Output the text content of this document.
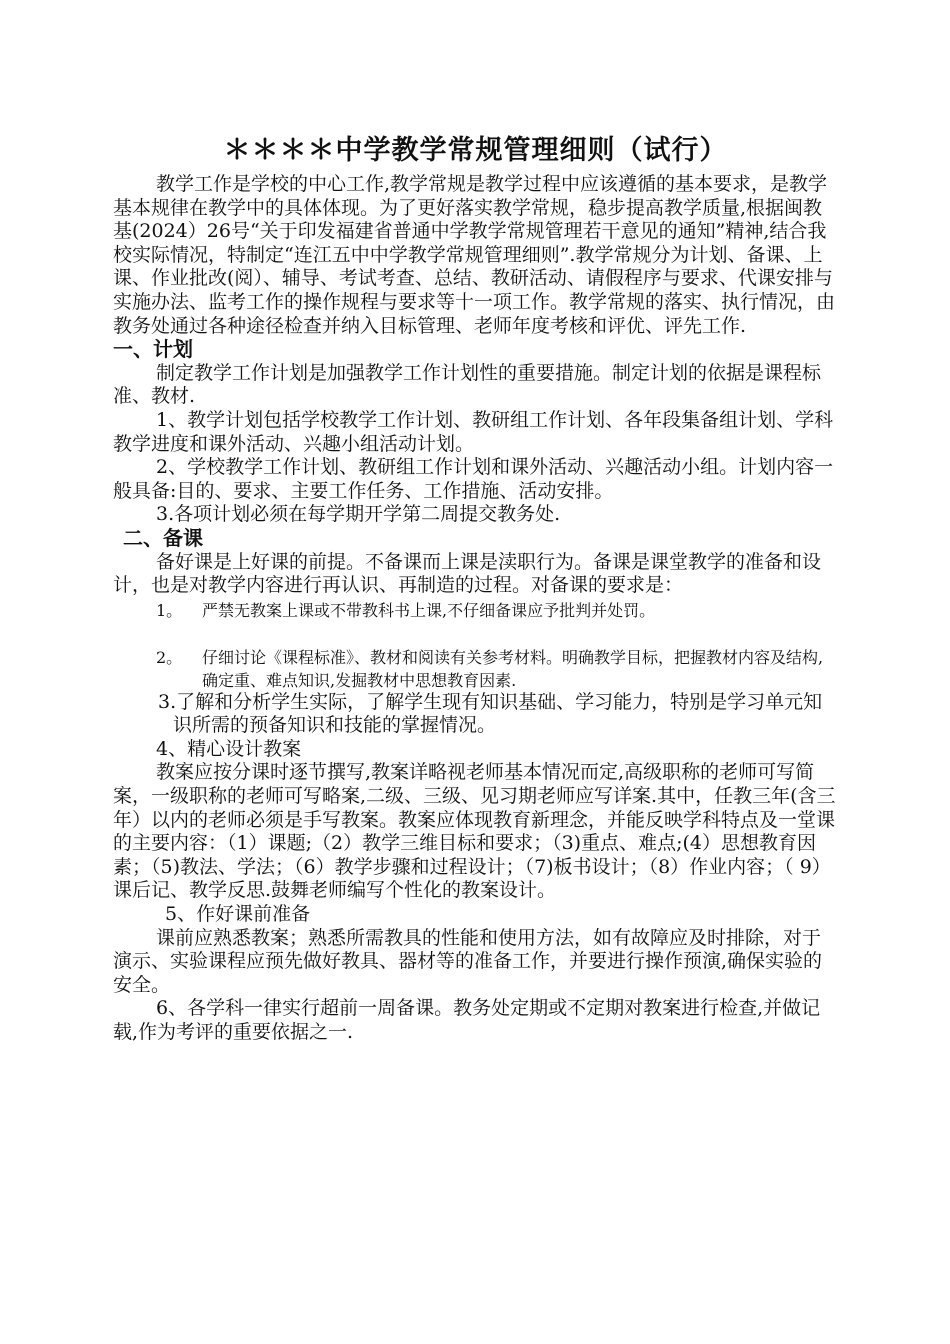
＊＊＊＊中学教学常规管理细则（试行）

教学工作是学校的中心工作,教学常规是教学过程中应该遵循的基本要求，是教学基本规律在教学中的具体体现。为了更好落实教学常规，稳步提高教学质量,根据闽教基(2024）26号“关于印发福建省普通中学教学常规管理若干意见的通知”精神,结合我校实际情况，特制定“连江五中中学教学常规管理细则”.教学常规分为计划、备课、上课、作业批改(阅）、辅导、考试考查、总结、教研活动、请假程序与要求、代课安排与实施办法、监考工作的操作规程与要求等十一项工作。教学常规的落实、执行情况，由教务处通过各种途径检查并纳入目标管理、老师年度考核和评优、评先工作.

一、计划

制定教学工作计划是加强教学工作计划性的重要措施。制定计划的依据是课程标准、教材.

1、教学计划包括学校教学工作计划、教研组工作计划、各年段集备组计划、学科教学进度和课外活动、兴趣小组活动计划。

2、学校教学工作计划、教研组工作计划和课外活动、兴趣活动小组。计划内容一般具备:目的、要求、主要工作任务、工作措施、活动安排。

3.各项计划必须在每学期开学第二周提交教务处.

二、备课

备好课是上好课的前提。不备课而上课是渎职行为。备课是课堂教学的准备和设计，也是对教学内容进行再认识、再制造的过程。对备课的要求是：

1。	严禁无教案上课或不带教科书上课,不仔细备课应予批判并处罚。
2。	仔细讨论《课程标准》、教材和阅读有关参考材料。明确教学目标，把握教材内容及结构,确定重、难点知识,发掘教材中思想教育因素.

3.了解和分析学生实际，了解学生现有知识基础、学习能力，特别是学习单元知识所需的预备知识和技能的掌握情况。

4、精心设计教案

教案应按分课时逐节撰写,教案详略视老师基本情况而定,高级职称的老师可写简案，一级职称的老师可写略案,二级、三级、见习期老师应写详案.其中，任教三年(含三年）以内的老师必须是手写教案。教案应体现教育新理念，并能反映学科特点及一堂课的主要内容：（1）课题;（2）教学三维目标和要求；（3)重点、难点;(4）思想教育因素；（5)教法、学法；（6）教学步骤和过程设计；（7)板书设计；（8）作业内容；（ 9）课后记、教学反思.鼓舞老师编写个性化的教案设计。

5、作好课前准备

课前应熟悉教案；熟悉所需教具的性能和使用方法，如有故障应及时排除，对于演示、实验课程应预先做好教具、器材等的准备工作，并要进行操作预演,确保实验的安全。

6、各学科一律实行超前一周备课。教务处定期或不定期对教案进行检查,并做记载,作为考评的重要依据之一.
